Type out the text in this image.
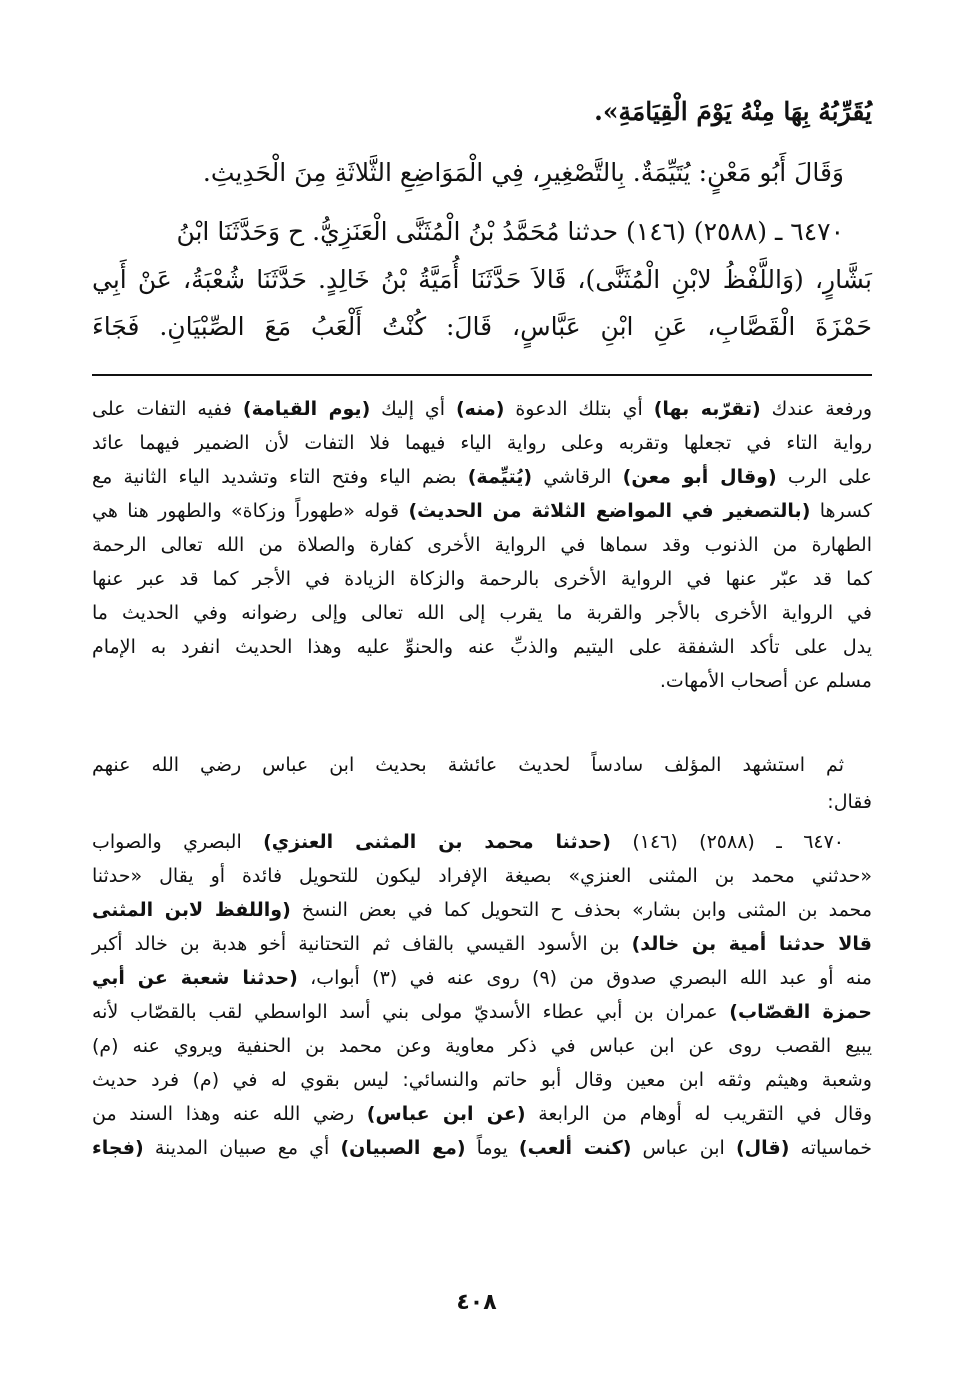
يُقَرِّبُهُ بِهَا مِنْهُ يَوْمَ الْقِيَامَةِ».
وَقَالَ أَبُو مَعْنٍ: يُتَيِّمَةٌ. بِالتَّصْغِيرِ، فِي الْمَوَاضِعِ الثَّلاثَةِ مِنَ الْحَدِيثِ.
٦٤٧٠ ـ (٢٥٨٨) (١٤٦) حدثنا مُحَمَّدُ بْنُ الْمُثَنَّى الْعَنَزِيُّ. ح وَحَدَّثَنَا ابْنُ
بَشَّارٍ، (وَاللَّفْظُ لابْنِ الْمُثَنَّى)، قَالاَ حَدَّثَنَا أُمَيَّةُ بْنُ خَالِدٍ. حَدَّثَنَا شُعْبَةُ، عَنْ أَبِي
حَمْزَةَ الْقَصَّابِ، عَنِ ابْنِ عَبَّاسٍ، قَالَ: كُنْتُ أَلْعَبُ مَعَ الصِّبْيَانِ. فَجَاءَ
ورفعة عندك (تقرّبه بها) أي بتلك الدعوة (منه) أي إليك (يوم القيامة) ففيه التفات على
رواية التاء في تجعلها وتقربه وعلى رواية الياء فيهما فلا التفات لأن الضمير فيهما عائد
على الرب (وقال أبو معن) الرقاشي (يُتيِّمة) بضم الياء وفتح التاء وتشديد الياء الثانية مع
كسرها (بالتصغير في المواضع الثلاثة من الحديث) قوله «طهوراً وزكاة» والطهور هنا هي
الطهارة من الذنوب وقد سماها في الرواية الأخرى كفارة والصلاة من الله تعالى الرحمة
كما قد عبّر عنها في الرواية الأخرى بالرحمة والزكاة الزيادة في الأجر كما قد عبر عنها
في الرواية الأخرى بالأجر والقربة ما يقرب إلى الله تعالى وإلى رضوانه وفي الحديث ما
يدل على تأكد الشفقة على اليتيم والذبِّ عنه والحنوِّ عليه وهذا الحديث انفرد به الإمام
مسلم عن أصحاب الأمهات.
ثم استشهد المؤلف سادساً لحديث عائشة بحديث ابن عباس رضي الله عنهم
فقال:
٦٤٧٠ ـ (٢٥٨٨) (١٤٦) (حدثنا محمد بن المثنى العنزي) البصري والصواب
«حدثني محمد بن المثنى العنزي» بصيغة الإفراد ليكون للتحويل فائدة أو يقال «حدثنا
محمد بن المثنى وابن بشار» بحذف ح التحويل كما في بعض النسخ (واللفظ لابن المثنى
قالا حدثنا أمية بن خالد) بن الأسود القيسي بالقاف ثم التحتانية أخو هدبة بن خالد أكبر
منه أو عبد الله البصري صدوق من (٩) روى عنه في (٣) أبواب، (حدثنا شعبة عن أبي
حمزة القصّاب) عمران بن أبي عطاء الأسديّ مولى بني أسد الواسطي لقب بالقصّاب لأنه
يبيع القصب روى عن ابن عباس في ذكر معاوية وعن محمد بن الحنفية ويروي عنه (م)
وشعبة وهيثم وثقه ابن معين وقال أبو حاتم والنسائي: ليس بقوي له في (م) فرد حديث
وقال في التقريب له أوهام من الرابعة (عن ابن عباس) رضي الله عنه وهذا السند من
خماسياته (قال) ابن عباس (كنت ألعب) يوماً (مع الصبيان) أي مع صبيان المدينة (فجاء
٤٠٨
